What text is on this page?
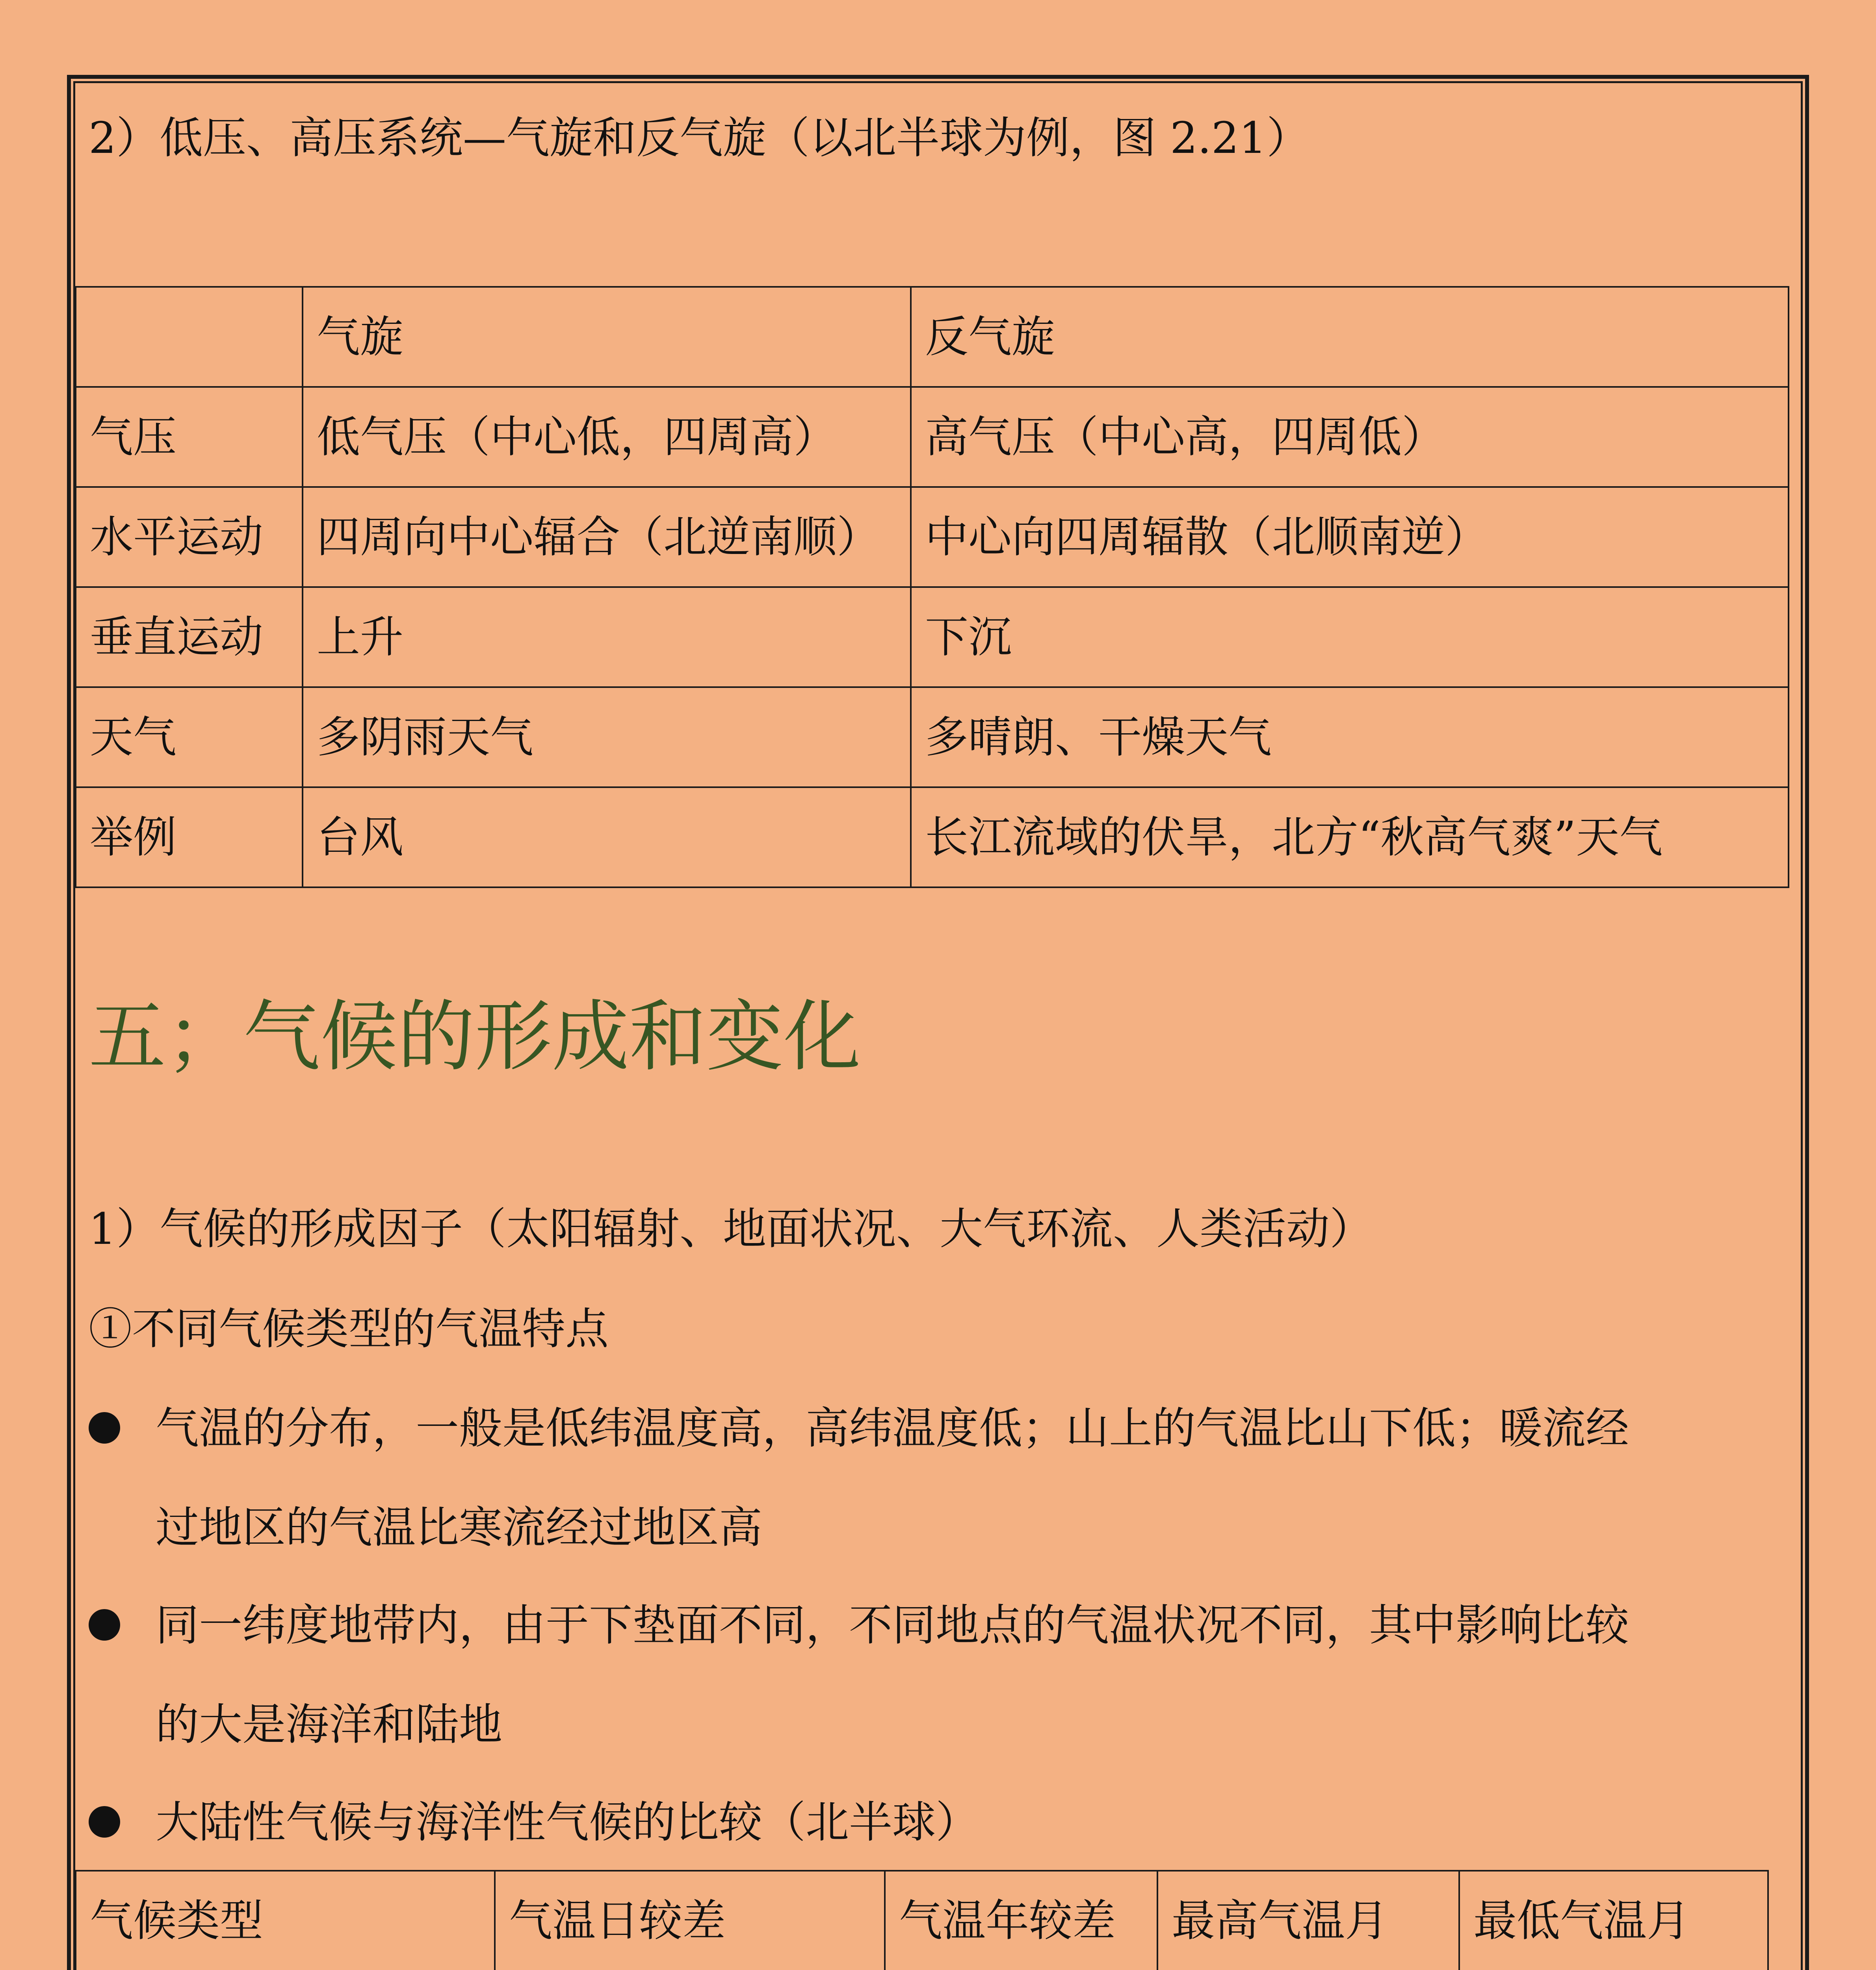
2）低压、高压系统—气旋和反气旋（以北半球为例，图 2.21）
	气旋	反气旋
气压	低气压（中心低，四周高）	高气压（中心高，四周低）
水平运动	四周向中心辐合（北逆南顺）	中心向四周辐散（北顺南逆）
垂直运动	上升	下沉
天气	多阴雨天气	多晴朗、干燥天气
举例	台风	长江流域的伏旱，北方“秋高气爽”天气
五；气候的形成和变化
1）气候的形成因子（太阳辐射、地面状况、大气环流、人类活动）
①不同气候类型的气温特点
气温的分布，一般是低纬温度高，高纬温度低；山上的气温比山下低；暖流经
过地区的气温比寒流经过地区高
同一纬度地带内，由于下垫面不同，不同地点的气温状况不同，其中影响比较
的大是海洋和陆地
大陆性气候与海洋性气候的比较（北半球）
气候类型	气温日较差	气温年较差	最高气温月	最低气温月
